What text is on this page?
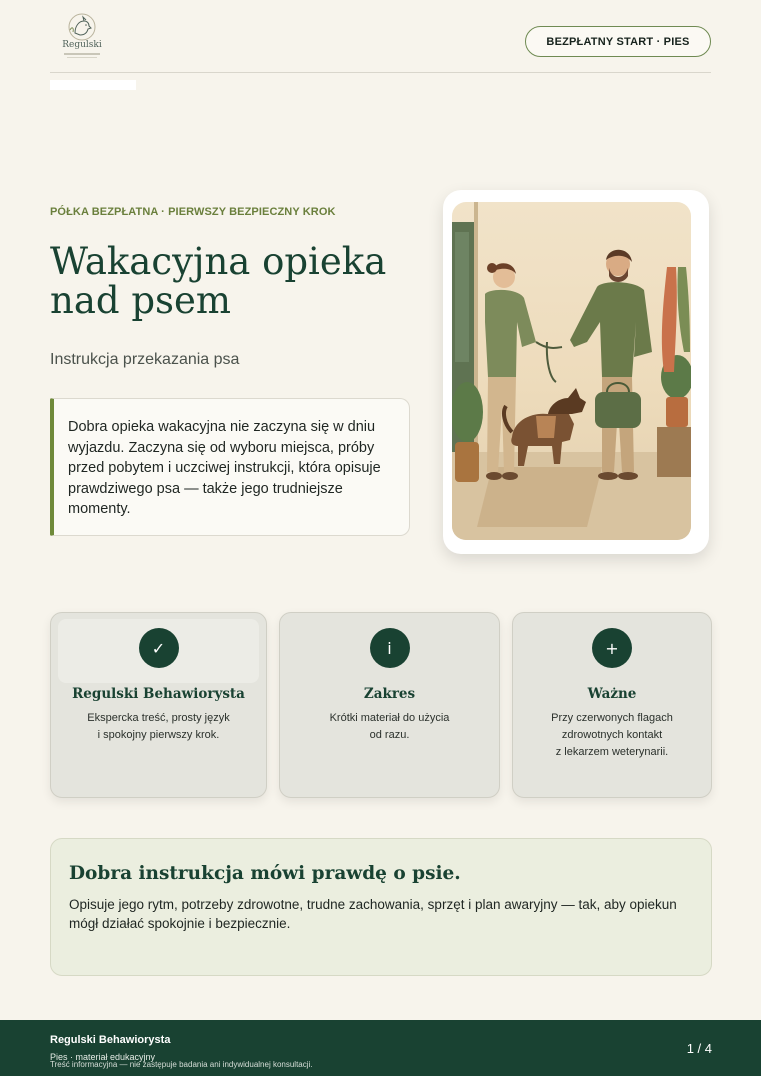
Regulski	BEZPŁATNY START · PIES
PÓŁKA BEZPŁATNA · PIERWSZY BEZPIECZNY KROK
Wakacyjna opieka
nad psem
Instrukcja przekazania psa
Dobra opieka wakacyjna nie zaczyna się w dniu wyjazdu. Zaczyna się od wyboru miejsca, próby przed pobytem i uczciwej instrukcji, która opisuje prawdziwego psa — także jego trudniejsze momenty.
✓
Regulski Behawiorysta

Ekspercka treść, prosty język
i spokojny pierwszy krok.

i
Zakres

Krótki materiał do użycia
od razu.

+
Ważne

Przy czerwonych flagach
zdrowotnych kontakt
z lekarzem weterynarii.

Dobra instrukcja mówi prawdę o psie.

Opisuje jego rytm, potrzeby zdrowotne, trudne zachowania, sprzęt i plan awaryjny — tak, aby opiekun mógł działać spokojnie i bezpiecznie.

Regulski Behawiorysta
Pies · materiał edukacyjny
Treść informacyjna — nie zastępuje badania ani indywidualnej konsultacji.
1 / 4
